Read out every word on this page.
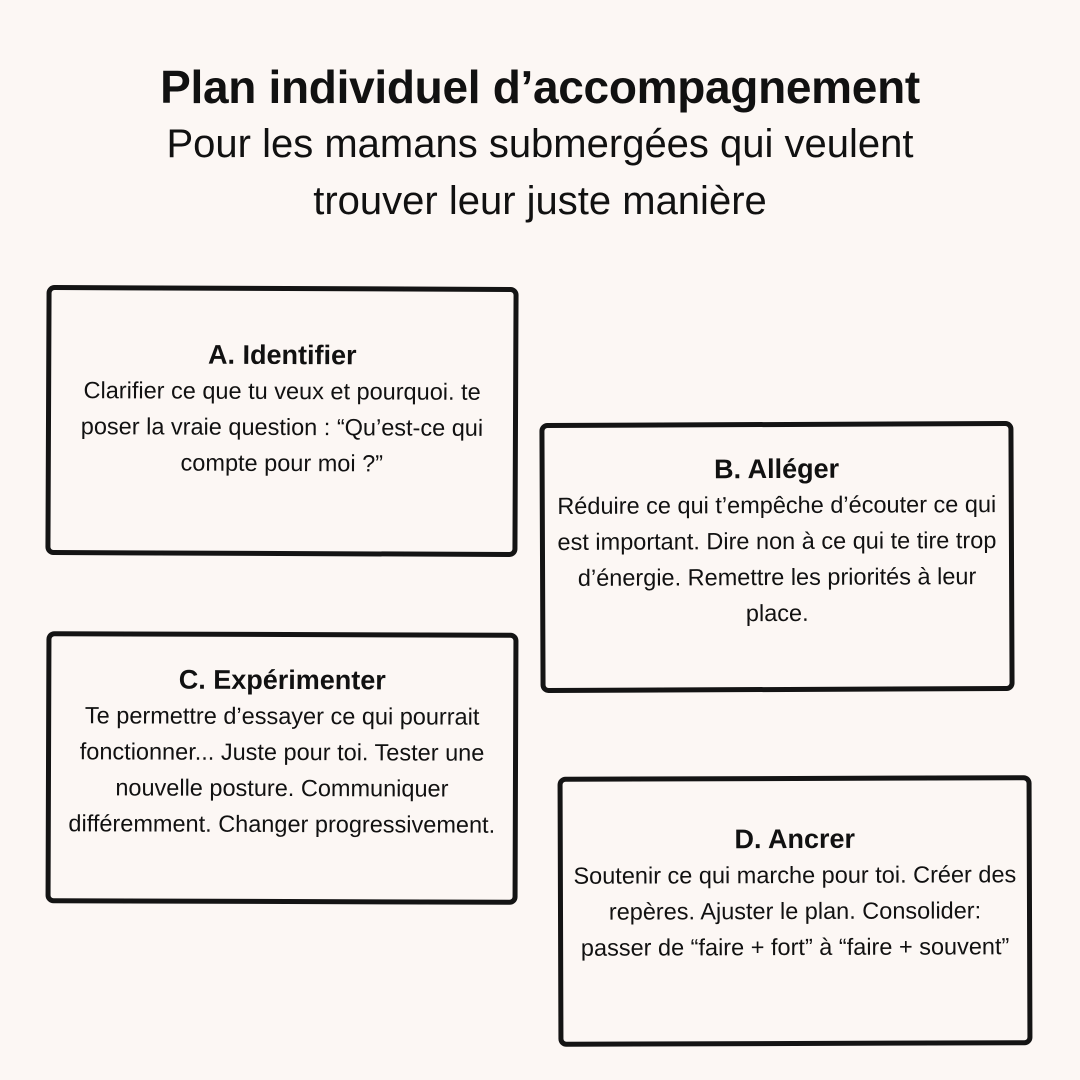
Plan individuel d’accompagnement

Pour les mamans submergées qui veulent trouver leur juste manière

A. Identifier

Clarifier ce que tu veux et pourquoi. te poser la vraie question : “Qu’est-ce qui compte pour moi ?”	B. Alléger

Réduire ce qui t’empêche d’écouter ce qui est important. Dire non à ce qui te tire trop d’énergie. Remettre les priorités à leur place.

C. Expérimenter

Te permettre d’essayer ce qui pourrait fonctionner... Juste pour toi. Tester une nouvelle posture. Communiquer différemment. Changer progressivement.	D. Ancrer

Soutenir ce qui marche pour toi. Créer des repères. Ajuster le plan. Consolider: passer de “faire + fort” à “faire + souvent”
